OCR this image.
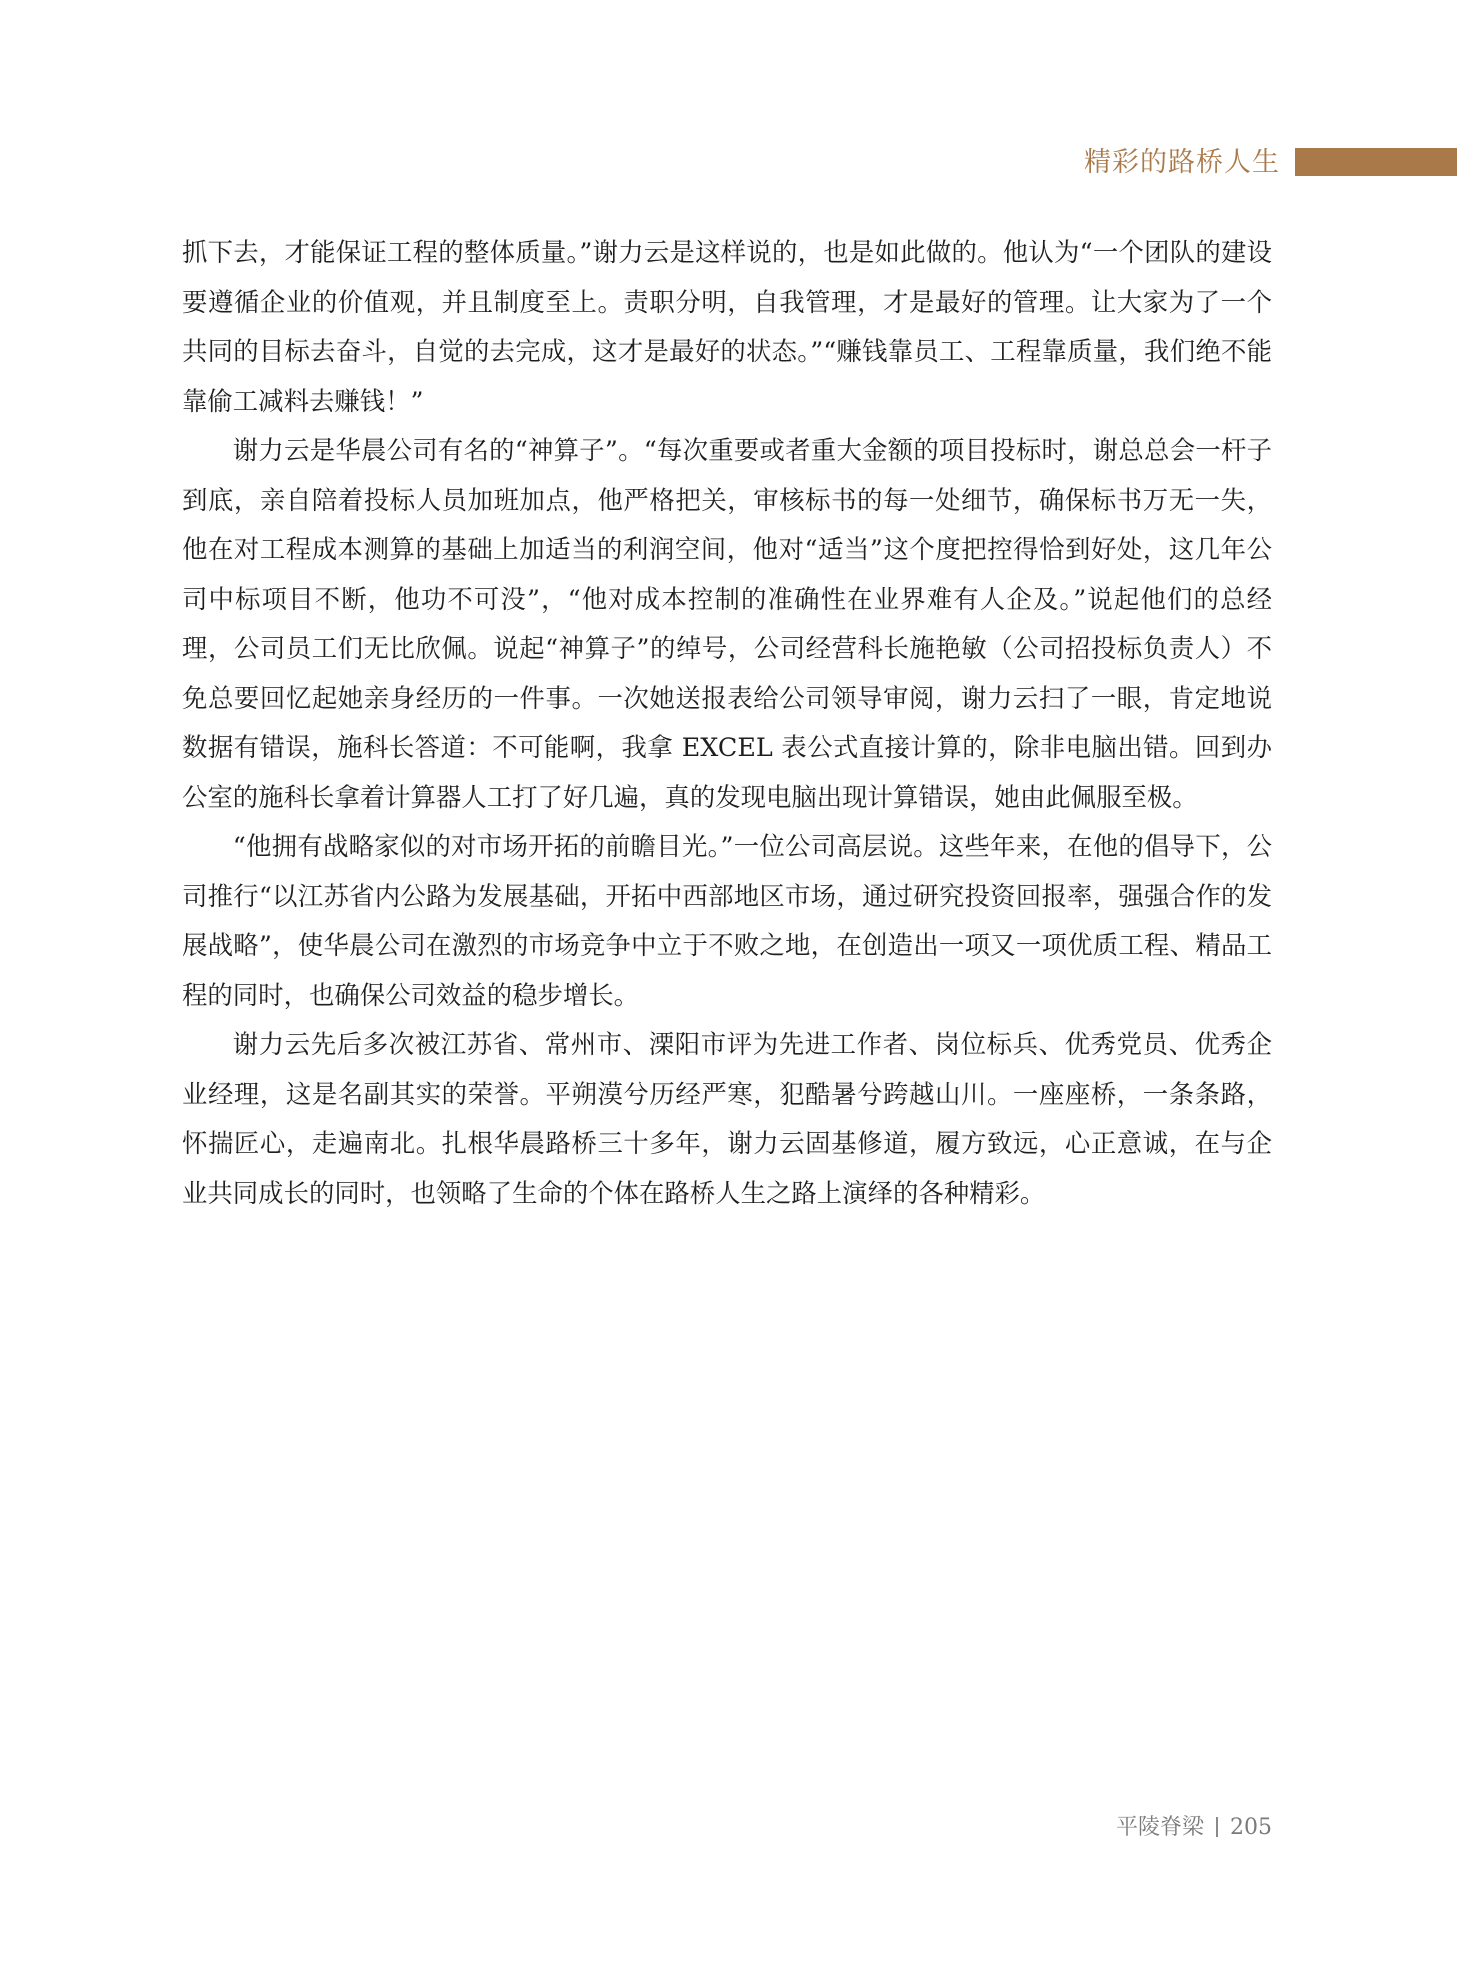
精彩的路桥人生

抓下去，才能保证工程的整体质量。”谢力云是这样说的，也是如此做的。他认为“一个团队的建设要遵循企业的价值观，并且制度至上。责职分明，自我管理，才是最好的管理。让大家为了一个共同的目标去奋斗，自觉的去完成，这才是最好的状态。”“赚钱靠员工、工程靠质量，我们绝不能靠偷工减料去赚钱！”

谢力云是华晨公司有名的“神算子”。“每次重要或者重大金额的项目投标时，谢总总会一杆子到底，亲自陪着投标人员加班加点，他严格把关，审核标书的每一处细节，确保标书万无一失，他在对工程成本测算的基础上加适当的利润空间，他对“适当”这个度把控得恰到好处，这几年公司中标项目不断，他功不可没”，“他对成本控制的准确性在业界难有人企及。”说起他们的总经理，公司员工们无比欣佩。说起“神算子”的绰号，公司经营科长施艳敏（公司招投标负责人）不免总要回忆起她亲身经历的一件事。一次她送报表给公司领导审阅，谢力云扫了一眼，肯定地说数据有错误，施科长答道：不可能啊，我拿 EXCEL 表公式直接计算的，除非电脑出错。回到办公室的施科长拿着计算器人工打了好几遍，真的发现电脑出现计算错误，她由此佩服至极。

“他拥有战略家似的对市场开拓的前瞻目光。”一位公司高层说。这些年来，在他的倡导下，公司推行“以江苏省内公路为发展基础，开拓中西部地区市场，通过研究投资回报率，强强合作的发展战略”，使华晨公司在激烈的市场竞争中立于不败之地，在创造出一项又一项优质工程、精品工程的同时，也确保公司效益的稳步增长。

谢力云先后多次被江苏省、常州市、溧阳市评为先进工作者、岗位标兵、优秀党员、优秀企业经理，这是名副其实的荣誉。平朔漠兮历经严寒，犯酷暑兮跨越山川。一座座桥，一条条路，怀揣匠心，走遍南北。扎根华晨路桥三十多年，谢力云固基修道，履方致远，心正意诚，在与企业共同成长的同时，也领略了生命的个体在路桥人生之路上演绎的各种精彩。

平陵脊梁 205
